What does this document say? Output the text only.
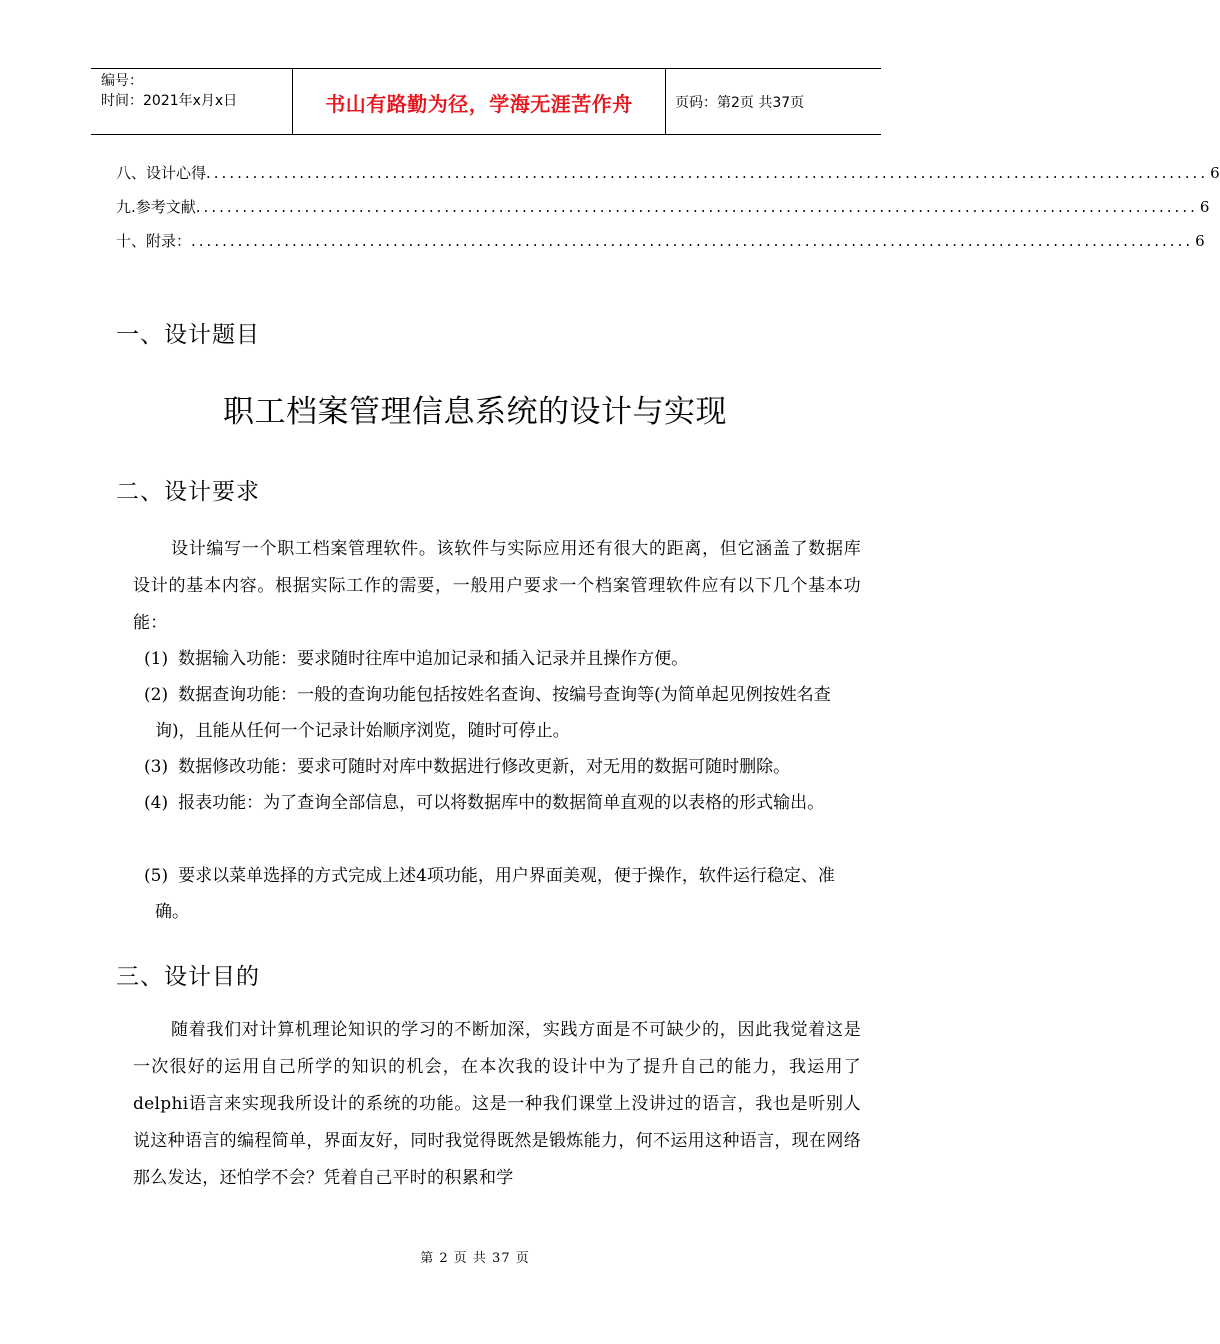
编号：
时间：2021年x月x日	书山有路勤为径，学海无涯苦作舟	页码：第2页 共37页
八、设计心得 ................................................................................................................................. 6
九.参考文献 ................................................................................................................................. 6
十、附录： ................................................................................................................................. 6
一、设计题目
职工档案管理信息系统的设计与实现
二、设计要求
设计编写一个职工档案管理软件。该软件与实际应用还有很大的距离，但它涵盖了数据库设计的基本内容。根据实际工作的需要，一般用户要求一个档案管理软件应有以下几个基本功能：
(1) 数据输入功能：要求随时往库中追加记录和插入记录并且操作方便。
(2) 数据查询功能：一般的查询功能包括按姓名查询、按编号查询等(为简单起见例按姓名查询)，且能从任何一个记录计始顺序浏览，随时可停止。
(3) 数据修改功能：要求可随时对库中数据进行修改更新，对无用的数据可随时删除。
(4) 报表功能：为了查询全部信息，可以将数据库中的数据简单直观的以表格的形式输出。
(5) 要求以菜单选择的方式完成上述4项功能，用户界面美观，便于操作，软件运行稳定、准确。
三、设计目的
随着我们对计算机理论知识的学习的不断加深，实践方面是不可缺少的，因此我觉着这是一次很好的运用自己所学的知识的机会，在本次我的设计中为了提升自己的能力，我运用了delphi语言来实现我所设计的系统的功能。这是一种我们课堂上没讲过的语言，我也是听别人说这种语言的编程简单，界面友好，同时我觉得既然是锻炼能力，何不运用这种语言，现在网络那么发达，还怕学不会？凭着自己平时的积累和学
第 2 页 共 37 页
